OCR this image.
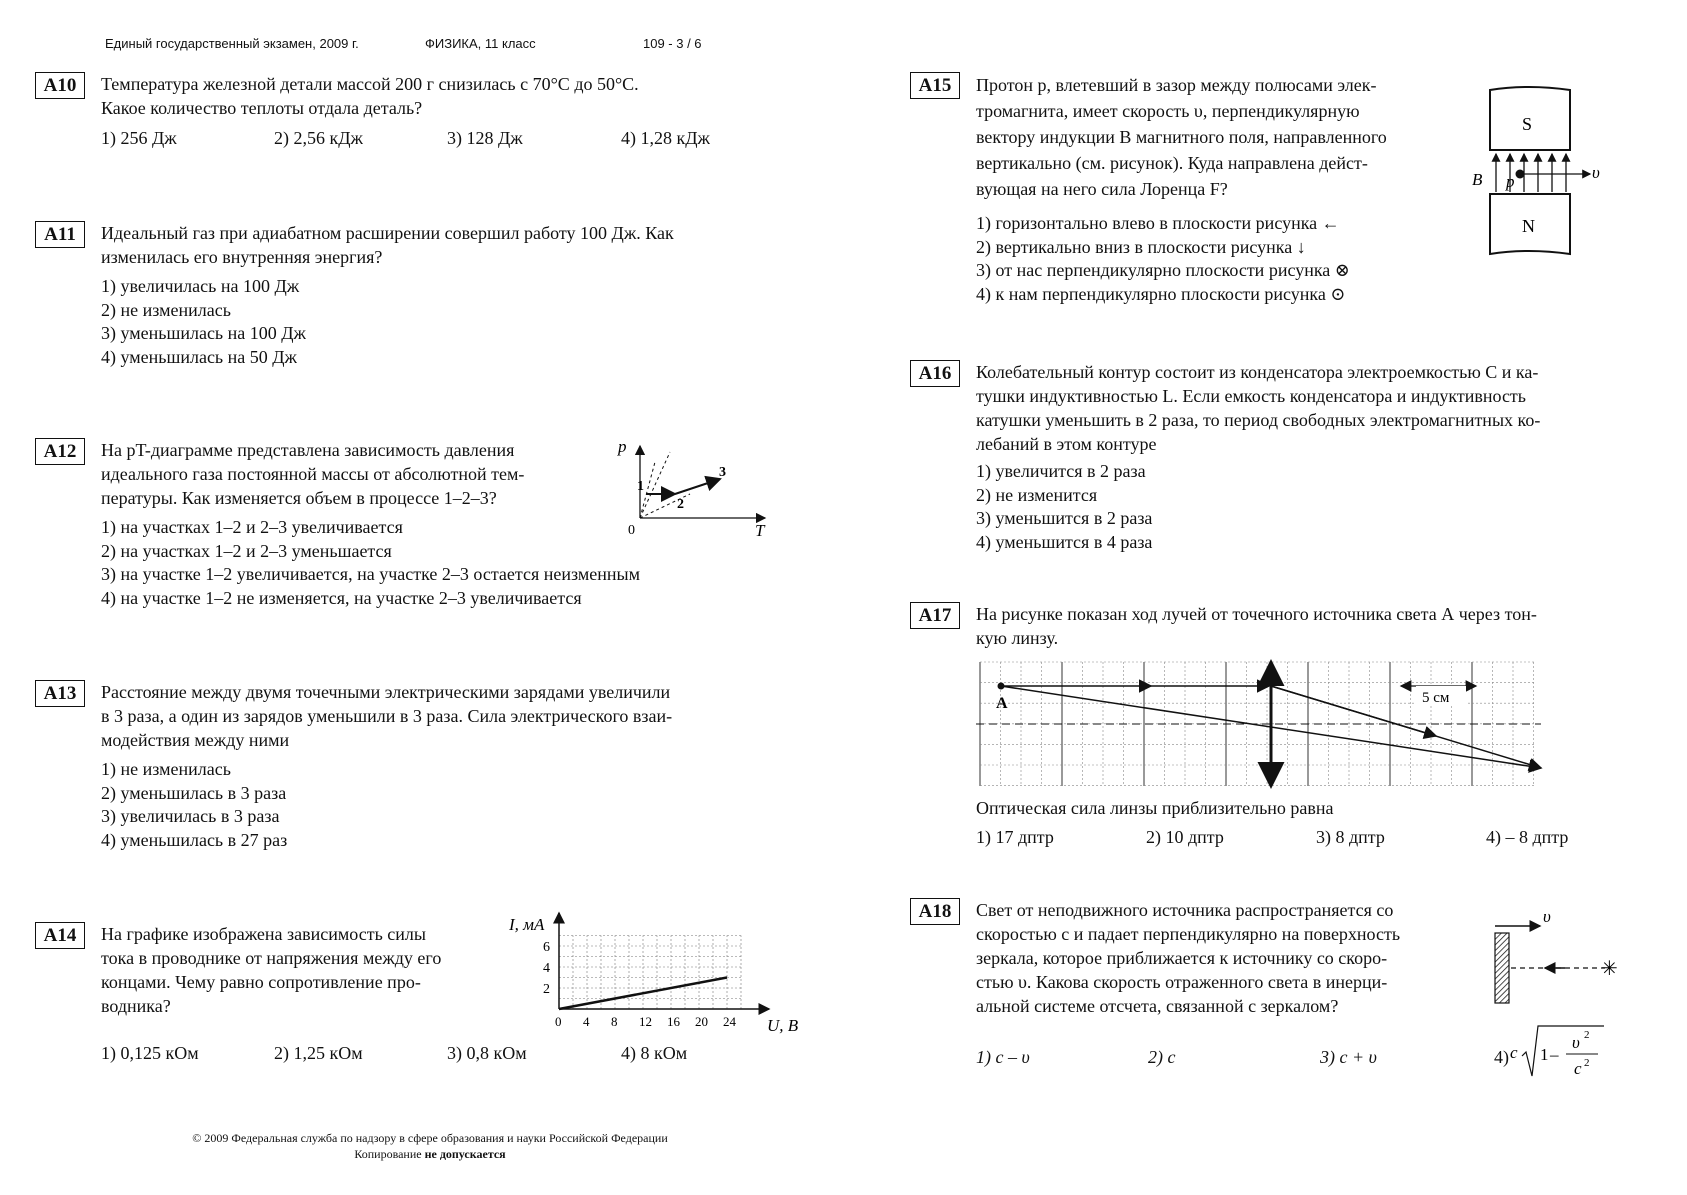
Единый государственный экзамен, 2009 г.	ФИЗИКА, 11 класс	109 - 3 / 6
А10	Температура железной детали массой 200 г снизилась с 70°С до 50°С.
Какое количество теплоты отдала деталь?
1) 256 Дж	2) 2,56 кДж	3) 128 Дж	4) 1,28 кДж
А11	Идеальный газ при адиабатном расширении совершил работу 100 Дж. Как
изменилась его внутренняя энергия?
1) увеличилась на 100 Дж
2) не изменилась
3) уменьшилась на 100 Дж
4) уменьшилась на 50 Дж
А12	На pT-диаграмме представлена зависимость давления
идеального газа постоянной массы от абсолютной тем-
пературы. Как изменяется объем в процессе 1–2–3?
1) на участках 1–2 и 2–3 увеличивается
2) на участках 1–2 и 2–3 уменьшается
3) на участке 1–2 увеличивается, на участке 2–3 остается неизменным
4) на участке 1–2 не изменяется, на участке 2–3 увеличивается
p
T
0
1
2
3
А13	Расстояние между двумя точечными электрическими зарядами увеличили
в 3 раза, а один из зарядов уменьшили в 3 раза. Сила электрического взаи-
модействия между ними
1) не изменилась
2) уменьшилась в 3 раза
3) увеличилась в 3 раза
4) уменьшилась в 27 раз
А14	На графике изображена зависимость силы
тока в проводнике от напряжения между его
концами. Чему равно сопротивление про-
водника?
1) 0,125 кОм	2) 1,25 кОм	3) 0,8 кОм	4) 8 кОм
0 4 8 12 16 20 24
2
4
6
I, мА
U, В
А15	Протон p, влетевший в зазор между полюсами элек-
тромагнита, имеет скорость υ, перпендикулярную
вектору индукции B магнитного поля, направленного
вертикально (см. рисунок). Куда направлена дейст-
вующая на него сила Лоренца F?
1) горизонтально влево в плоскости рисунка ←
2) вертикально вниз в плоскости рисунка ↓
3) от нас перпендикулярно плоскости рисунка ⊗
4) к нам перпендикулярно плоскости рисунка ⊙
S
N
υ
B p
А16	Колебательный контур состоит из конденсатора электроемкостью C и ка-
тушки индуктивностью L. Если емкость конденсатора и индуктивность
катушки уменьшить в 2 раза, то период свободных электромагнитных ко-
лебаний в этом контуре
1) увеличится в 2 раза
2) не изменится
3) уменьшится в 2 раза
4) уменьшится в 4 раза
А17	На рисунке показан ход лучей от точечного источника света А через тон-
кую линзу.
A	5 см
Оптическая сила линзы приблизительно равна
1) 17 дптр	2) 10 дптр	3) 8 дптр	4) – 8 дптр
А18	Свет от неподвижного источника распространяется со
скоростью c и падает перпендикулярно на поверхность
зеркала, которое приближается к источнику со скоро-
стью υ. Какова скорость отраженного света в инерци-
альной системе отсчета, связанной с зеркалом?
υ
✳
1) c – υ	2) c	3) c + υ	4) c 1 –
υ 2
c 2
© 2009 Федеральная служба по надзору в сфере образования и науки Российской Федерации
Копирование не допускается
